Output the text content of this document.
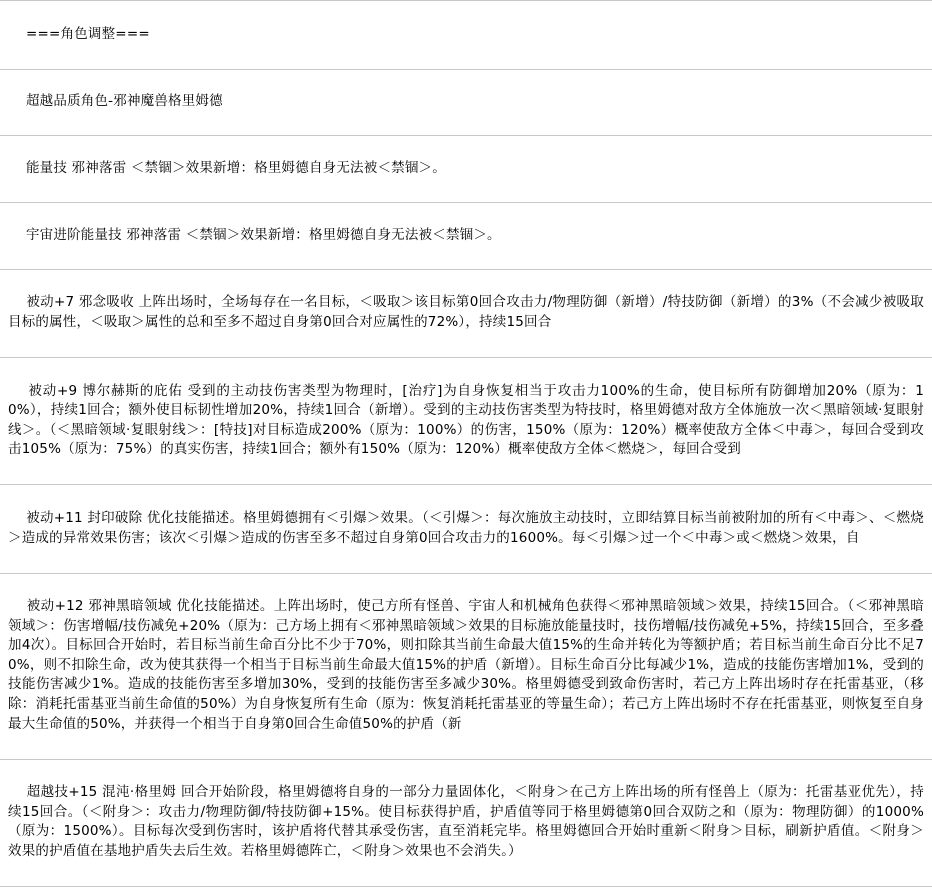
===角色调整===

超越品质角色-邪神魔兽格里姆德

能量技 邪神落雷 ＜禁锢＞效果新增：格里姆德自身无法被＜禁锢＞。

宇宙进阶能量技 邪神落雷 ＜禁锢＞效果新增：格里姆德自身无法被＜禁锢＞。

被动+7 邪念吸收 上阵出场时，全场每存在一名目标，＜吸取＞该目标第0回合攻击力/物理防御（新增）/特技防御（新增）的3%（不会减少被吸取目标的属性，＜吸取＞属性的总和至多不超过自身第0回合对应属性的72%），持续15回合

被动+9 博尔赫斯的庇佑 受到的主动技伤害类型为物理时，[治疗]为自身恢复相当于攻击力100%的生命，使目标所有防御增加20%（原为：10%），持续1回合；额外使目标韧性增加20%，持续1回合（新增）。受到的主动技伤害类型为特技时，格里姆德对敌方全体施放一次＜黑暗领域·复眼射线＞。（＜黑暗领域·复眼射线＞：[特技]对目标造成200%（原为：100%）的伤害，150%（原为：120%）概率使敌方全体＜中毒＞，每回合受到攻击105%（原为：75%）的真实伤害，持续1回合；额外有150%（原为：120%）概率使敌方全体＜燃烧＞，每回合受到

被动+11 封印破除 优化技能描述。格里姆德拥有＜引爆＞效果。（＜引爆＞：每次施放主动技时，立即结算目标当前被附加的所有＜中毒＞、＜燃烧＞造成的异常效果伤害；该次＜引爆＞造成的伤害至多不超过自身第0回合攻击力的1600%。每＜引爆＞过一个＜中毒＞或＜燃烧＞效果，自

被动+12 邪神黑暗领域 优化技能描述。上阵出场时，使己方所有怪兽、宇宙人和机械角色获得＜邪神黑暗领域＞效果，持续15回合。（＜邪神黑暗领域＞：伤害增幅/技伤减免+20%（原为：己方场上拥有＜邪神黑暗领域＞效果的目标施放能量技时，技伤增幅/技伤减免+5%，持续15回合，至多叠加4次）。目标回合开始时，若目标当前生命百分比不少于70%，则扣除其当前生命最大值15%的生命并转化为等额护盾；若目标当前生命百分比不足70%，则不扣除生命，改为使其获得一个相当于目标当前生命最大值15%的护盾（新增）。目标生命百分比每减少1%，造成的技能伤害增加1%，受到的技能伤害减少1%。造成的技能伤害至多增加30%，受到的技能伤害至多减少30%。格里姆德受到致命伤害时，若己方上阵出场时存在托雷基亚，（移除：消耗托雷基亚当前生命值的50%）为自身恢复所有生命（原为：恢复消耗托雷基亚的等量生命）；若己方上阵出场时不存在托雷基亚，则恢复至自身最大生命值的50%，并获得一个相当于自身第0回合生命值50%的护盾（新

超越技+15 混沌·格里姆 回合开始阶段，格里姆德将自身的一部分力量固体化，＜附身＞在己方上阵出场的所有怪兽上（原为：托雷基亚优先），持续15回合。（＜附身＞：攻击力/物理防御/特技防御+15%。使目标获得护盾，护盾值等同于格里姆德第0回合双防之和（原为：物理防御）的1000%（原为：1500%）。目标每次受到伤害时，该护盾将代替其承受伤害，直至消耗完毕。格里姆德回合开始时重新＜附身＞目标，刷新护盾值。＜附身＞效果的护盾值在基地护盾失去后生效。若格里姆德阵亡，＜附身＞效果也不会消失。）
